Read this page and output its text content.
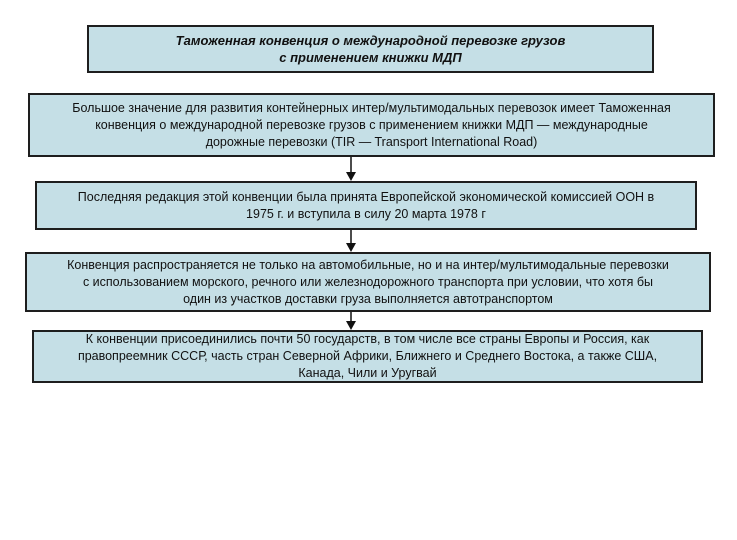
Таможенная конвенция о международной перевозке грузов
с применением книжки МДП
Большое значение для развития контейнерных интер/мультимодальных перевозок имеет Таможенная
конвенция о международной перевозке грузов с применением книжки МДП — международные
дорожные перевозки (TIR — Transport International Road)
Последняя редакция этой конвенции была принята Европейской экономической комиссией ООН в
1975 г. и вступила в силу 20 марта 1978 г
Конвенция распространяется не только на автомобильные, но и на интер/мультимодальные перевозки
с использованием морского, речного или железнодорожного транспорта при условии, что хотя бы
один из участков доставки груза выполняется автотранспортом
К конвенции присоединились почти 50 государств, в том числе все страны Европы и Россия, как
правопреемник СССР, часть стран Северной Африки, Ближнего и Среднего Востока, а также США,
Канада, Чили и Уругвай
